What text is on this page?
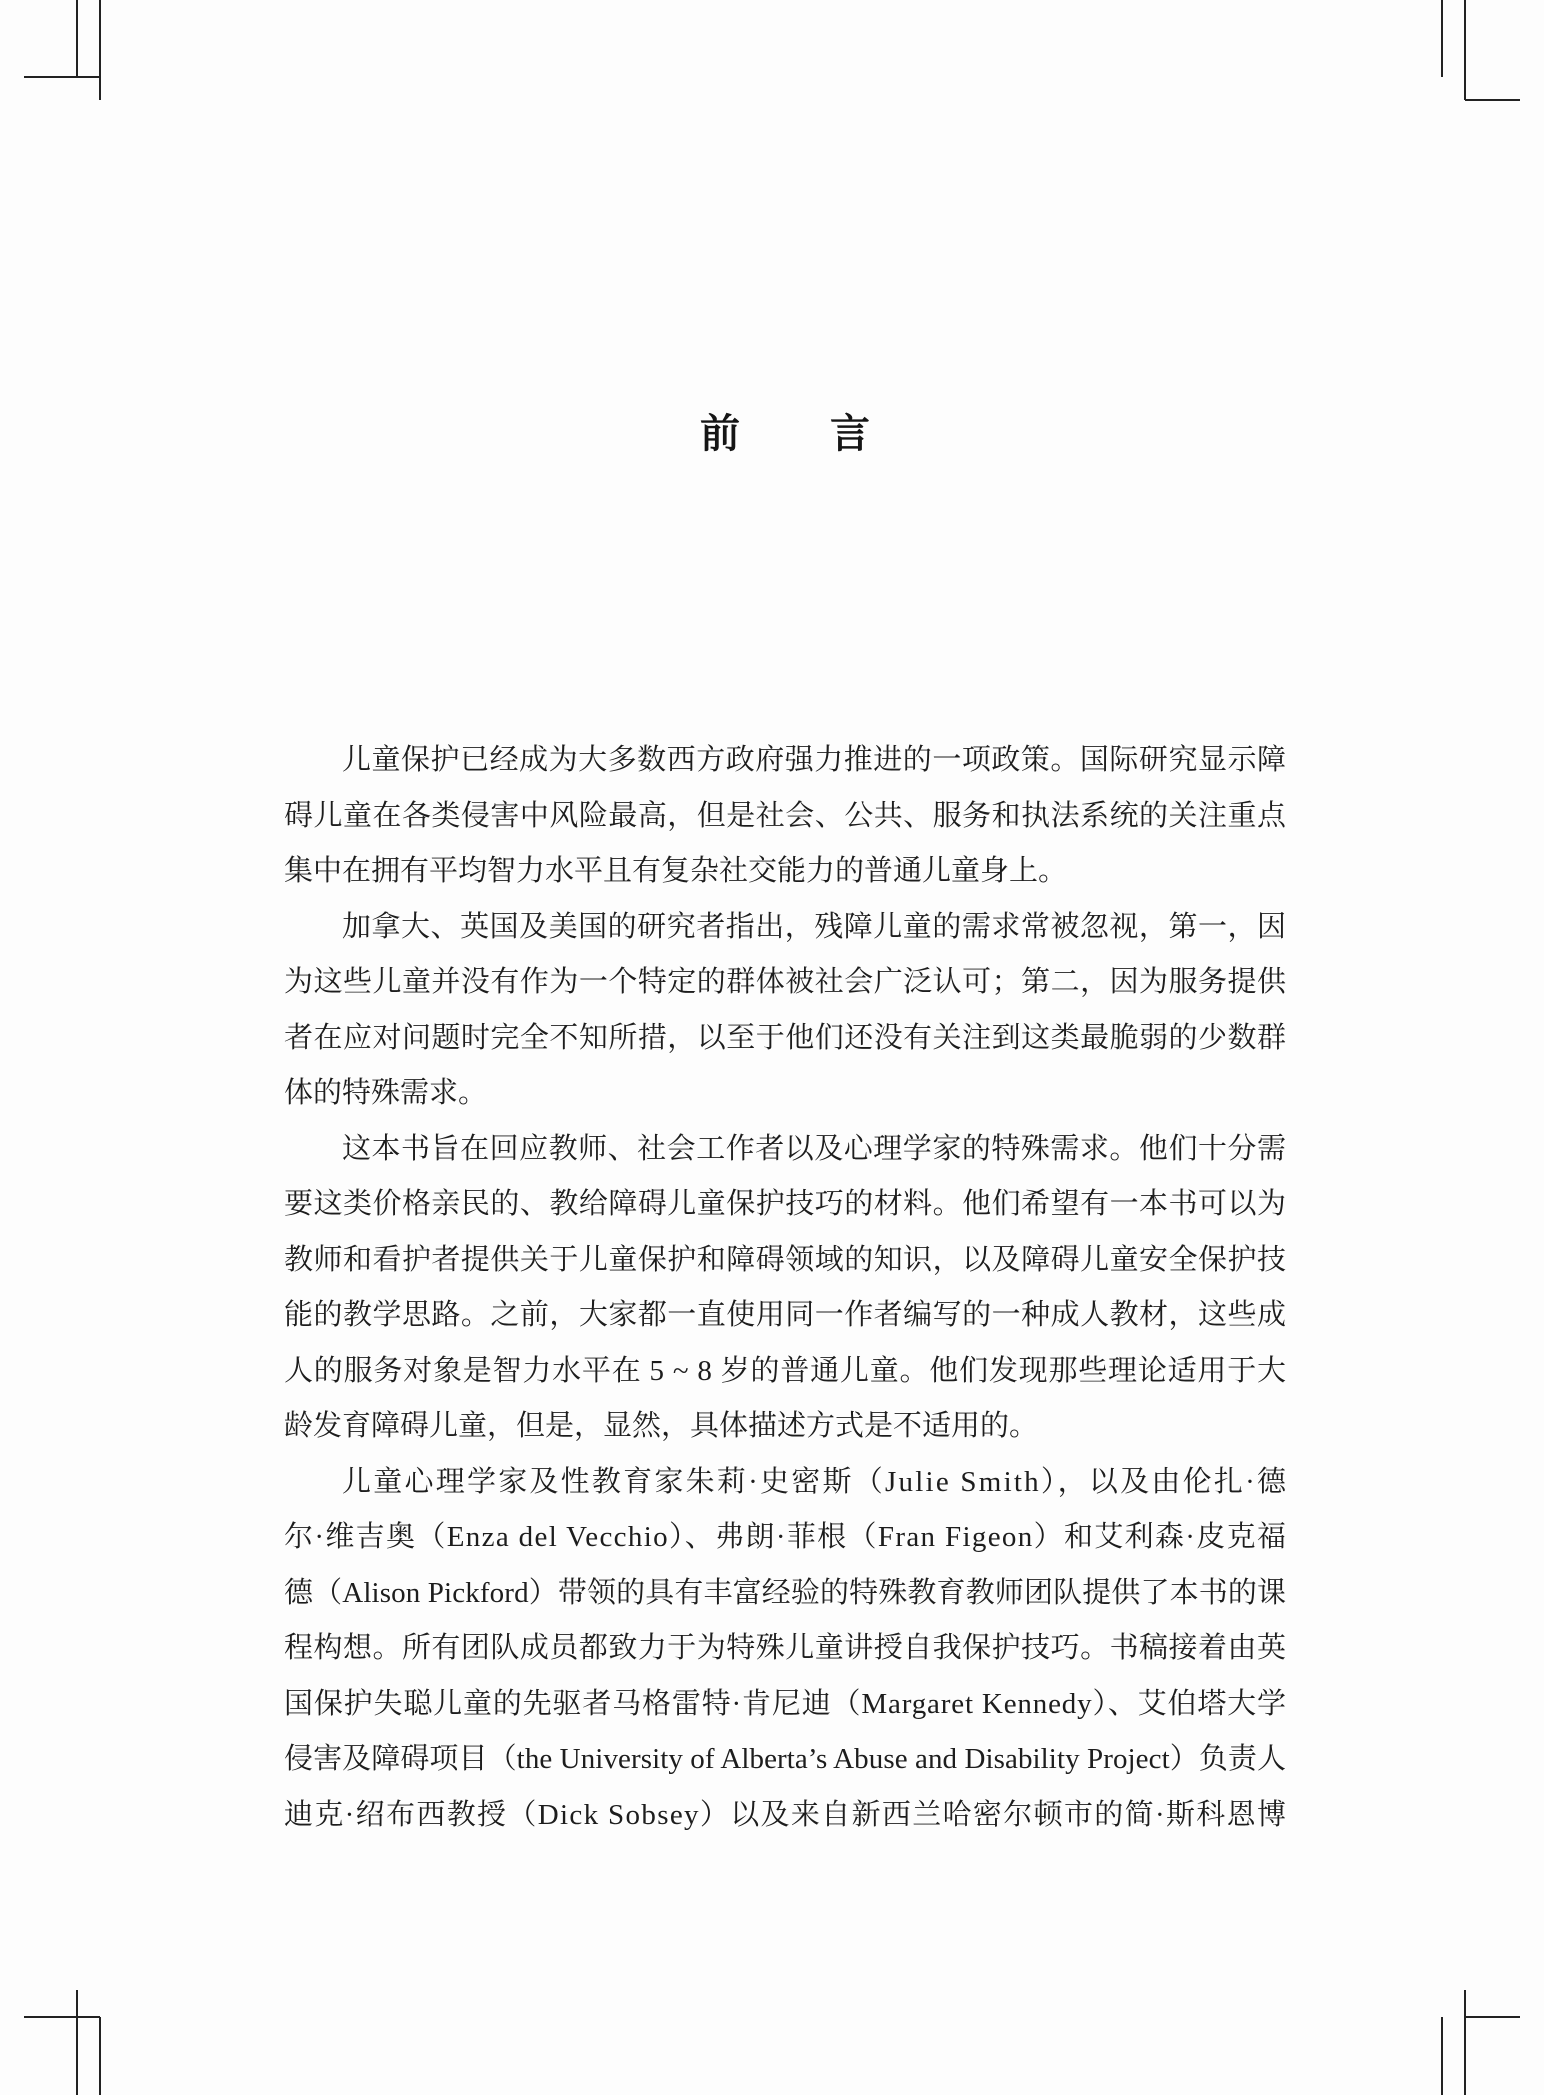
前　言
儿童保护已经成为大多数西方政府强力推进的一项政策。国际研究显示障
碍儿童在各类侵害中风险最高，但是社会、公共、服务和执法系统的关注重点
集中在拥有平均智力水平且有复杂社交能力的普通儿童身上。
加拿大、英国及美国的研究者指出，残障儿童的需求常被忽视，第一，因
为这些儿童并没有作为一个特定的群体被社会广泛认可；第二，因为服务提供
者在应对问题时完全不知所措，以至于他们还没有关注到这类最脆弱的少数群
体的特殊需求。
这本书旨在回应教师、社会工作者以及心理学家的特殊需求。他们十分需
要这类价格亲民的、教给障碍儿童保护技巧的材料。他们希望有一本书可以为
教师和看护者提供关于儿童保护和障碍领域的知识，以及障碍儿童安全保护技
能的教学思路。之前，大家都一直使用同一作者编写的一种成人教材，这些成
人的服务对象是智力水平在 5 ~ 8 岁的普通儿童。他们发现那些理论适用于大
龄发育障碍儿童，但是，显然，具体描述方式是不适用的。
儿童心理学家及性教育家朱莉·史密斯（Julie Smith），以及由伦扎·德
尔·维吉奥（Enza del Vecchio）、弗朗·菲根（Fran Figeon）和艾利森·皮克福
德（Alison Pickford）带领的具有丰富经验的特殊教育教师团队提供了本书的课
程构想。所有团队成员都致力于为特殊儿童讲授自我保护技巧。书稿接着由英
国保护失聪儿童的先驱者马格雷特·肯尼迪（Margaret Kennedy）、艾伯塔大学
侵害及障碍项目（the University of Alberta’s Abuse and Disability Project）负责人
迪克·绍布西教授（Dick Sobsey）以及来自新西兰哈密尔顿市的简·斯科恩博
